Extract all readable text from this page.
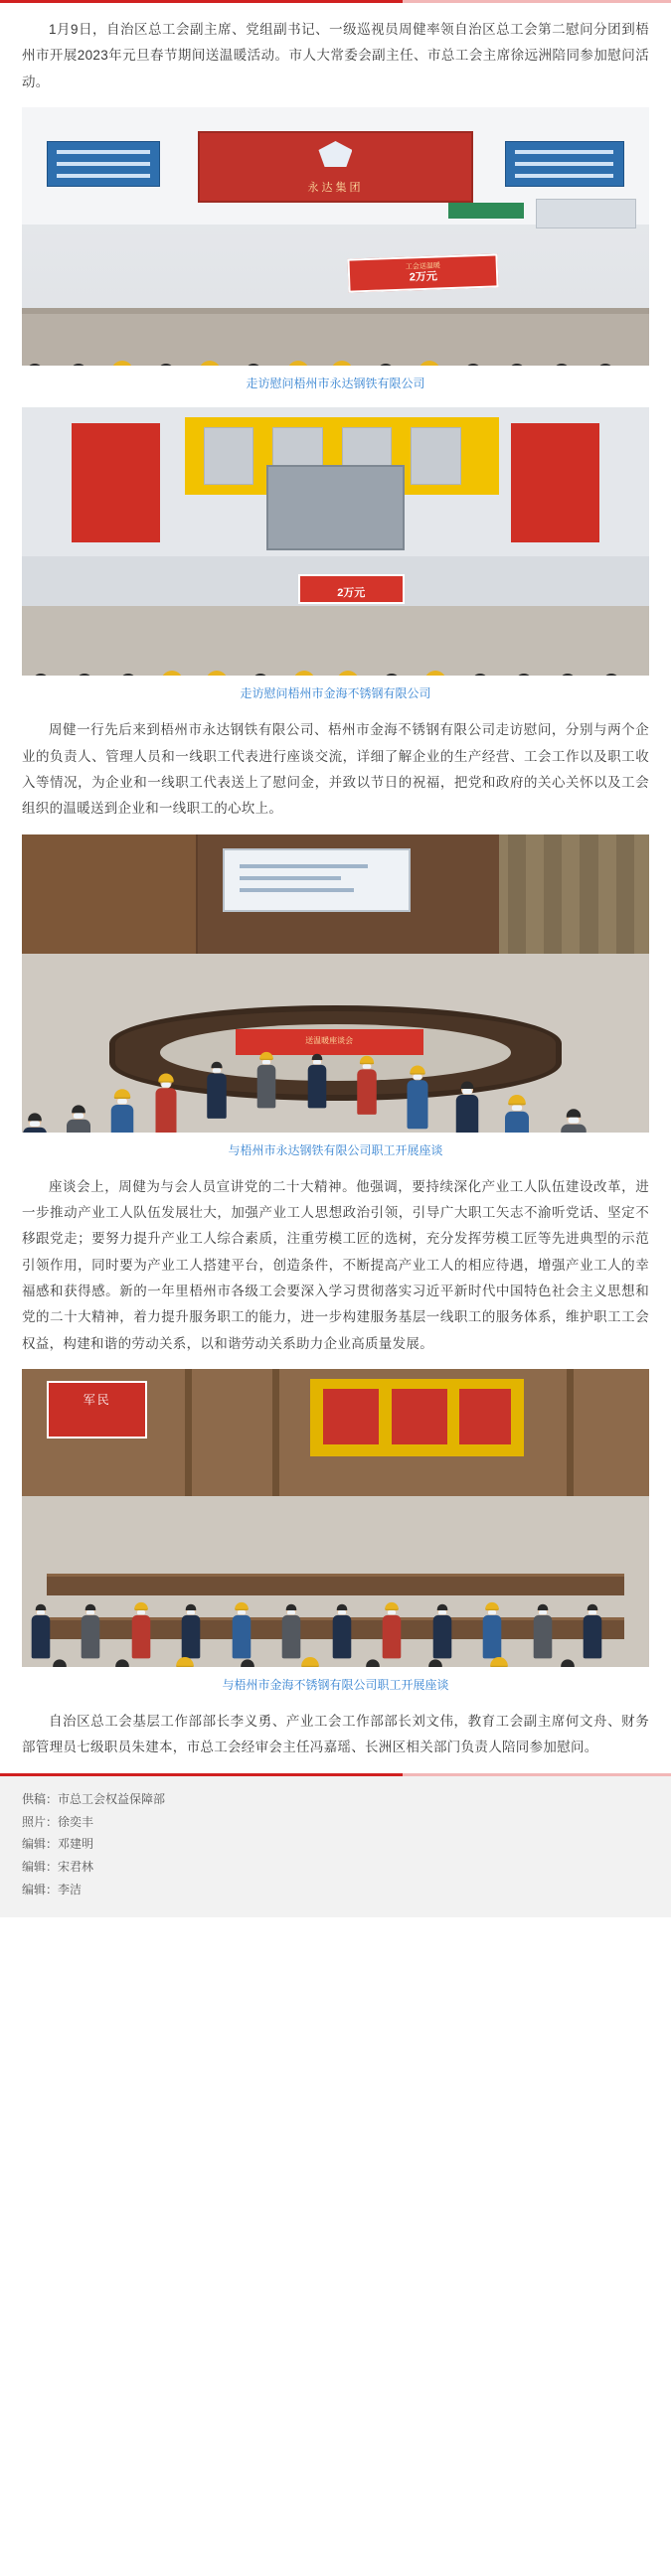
1月9日，自治区总工会副主席、党组副书记、一级巡视员周健率领自治区总工会第二慰问分团到梧州市开展2023年元旦春节期间送温暖活动。市人大常委会副主任、市总工会主席徐远洲陪同参加慰问活动。

永达集团
工会送温暖
2万元
走访慰问梧州市永达钢铁有限公司
2万元
走访慰问梧州市金海不锈钢有限公司

周健一行先后来到梧州市永达钢铁有限公司、梧州市金海不锈钢有限公司走访慰问，分别与两个企业的负责人、管理人员和一线职工代表进行座谈交流，详细了解企业的生产经营、工会工作以及职工收入等情况，为企业和一线职工代表送上了慰问金，并致以节日的祝福，把党和政府的关心关怀以及工会组织的温暖送到企业和一线职工的心坎上。

送温暖座谈会
与梧州市永达钢铁有限公司职工开展座谈

座谈会上，周健为与会人员宣讲党的二十大精神。他强调，要持续深化产业工人队伍建设改革，进一步推动产业工人队伍发展壮大，加强产业工人思想政治引领，引导广大职工矢志不渝听党话、坚定不移跟党走；要努力提升产业工人综合素质，注重劳模工匠的选树，充分发挥劳模工匠等先进典型的示范引领作用，同时要为产业工人搭建平台，创造条件，不断提高产业工人的相应待遇，增强产业工人的幸福感和获得感。新的一年里梧州市各级工会要深入学习贯彻落实习近平新时代中国特色社会主义思想和党的二十大精神，着力提升服务职工的能力，进一步构建服务基层一线职工的服务体系，维护职工工会权益，构建和谐的劳动关系，以和谐劳动关系助力企业高质量发展。

军民
与梧州市金海不锈钢有限公司职工开展座谈

自治区总工会基层工作部部长李义勇、产业工会工作部部长刘文伟，教育工会副主席何文舟、财务部管理员七级职员朱建本，市总工会经审会主任冯嘉瑶、长洲区相关部门负责人陪同参加慰问。

供稿：市总工会权益保障部
照片：徐奕丰
编辑：邓建明
编辑：宋君林
编辑：李洁
